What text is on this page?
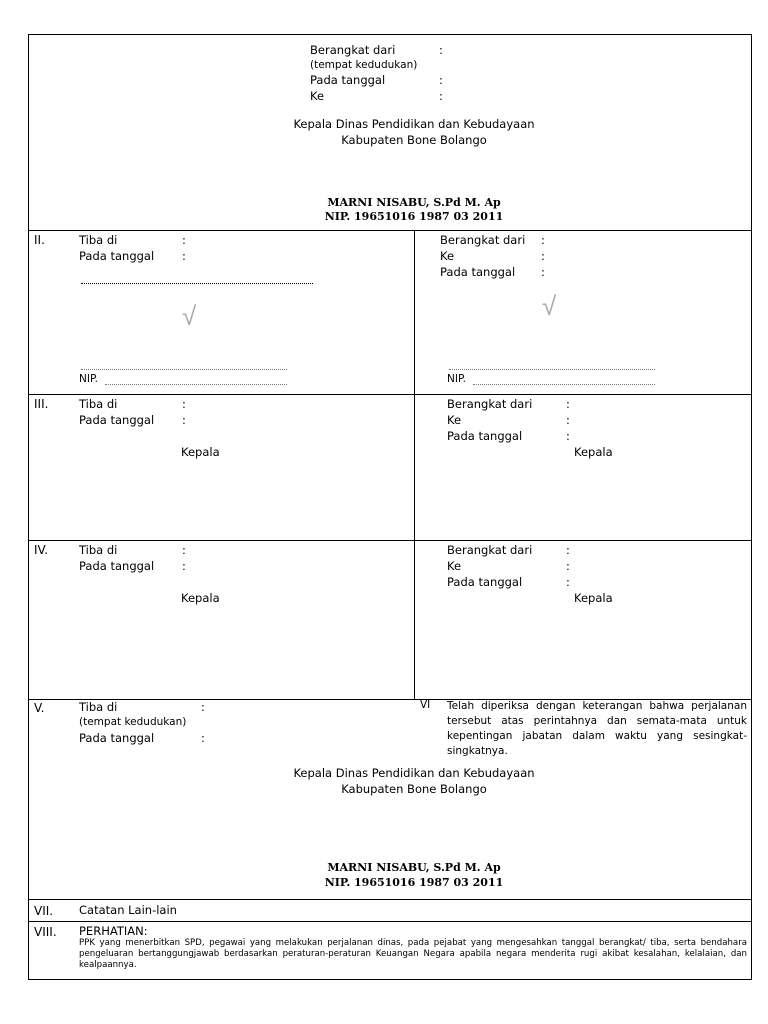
Berangkat dari	:
(tempat kedudukan)
Pada tanggal	:
Ke	:
Kepala Dinas Pendidikan dan Kebudayaan
Kabupaten Bone Bolango
MARNI NISABU, S.Pd M. Ap
NIP. 19651016 1987 03 2011
II.	Tiba di	:
Pada tanggal :
√
NIP.
Berangkat dari :
Ke	:
Pada tanggal :
√
NIP.
III.	Tiba di	:
Pada tanggal :
Kepala
Berangkat dari	:
Ke	:
Pada tanggal	:
Kepala
IV.	Tiba di	:
Pada tanggal :
Kepala
Berangkat dari	:
Ke	:
Pada tanggal	:
Kepala
V.	Tiba di	:
(tempat kedudukan)
Pada tanggal	:
VI Telah diperiksa dengan keterangan bahwa perjalanan tersebut atas perintahnya dan semata-mata untuk kepentingan jabatan dalam waktu yang sesingkat-singkatnya.
Kepala Dinas Pendidikan dan Kebudayaan
Kabupaten Bone Bolango
MARNI NISABU, S.Pd M. Ap
NIP. 19651016 1987 03 2011
VII. Catatan Lain-lain
VIII. PERHATIAN:
PPK yang menerbitkan SPD, pegawai yang melakukan perjalanan dinas, pada pejabat yang mengesahkan tanggal berangkat/ tiba, serta bendahara pengeluaran bertanggungjawab berdasarkan peraturan-peraturan Keuangan Negara apabila negara menderita rugi akibat kesalahan, kelalaian, dan kealpaannya.
